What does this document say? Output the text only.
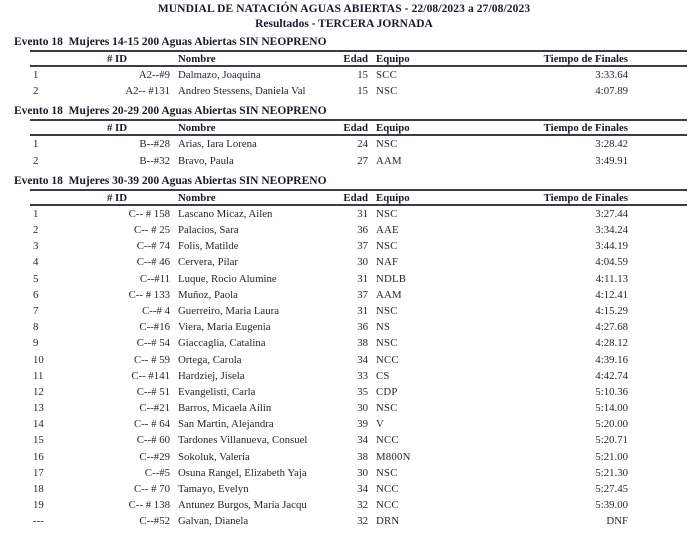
MUNDIAL DE NATACIÓN AGUAS ABIERTAS - 22/08/2023 a 27/08/2023
Resultados - TERCERA JORNADA
Evento 18  Mujeres 14-15 200 Aguas Abiertas SIN NEOPRENO
# ID	Nombre	Edad Equipo	Tiempo de Finales
1	A2--#9 Dalmazo, Joaquina	15 SCC	3:33.64
2	A2-- #131 Andreo Stessens, Daniela Val	15 NSC	4:07.89
Evento 18  Mujeres 20-29 200 Aguas Abiertas SIN NEOPRENO
# ID	Nombre	Edad Equipo	Tiempo de Finales
1	B--#28 Arias, Iara Lorena	24 NSC	3:28.42
2	B--#32 Bravo, Paula	27 AAM	3:49.91
Evento 18  Mujeres 30-39 200 Aguas Abiertas SIN NEOPRENO
# ID	Nombre	Edad Equipo	Tiempo de Finales
1	C-- # 158 Lascano Micaz, Ailen	31 NSC	3:27.44
2	C-- # 25 Palacios, Sara	36 AAE	3:34.24
3	C--# 74 Folis, Matilde	37 NSC	3:44.19
4	C--# 46 Cervera, Pilar	30 NAF	4:04.59
5	C--#11 Luque, Rocio Alumine	31 NDLB	4:11.13
6	C-- # 133 Muñoz, Paola	37 AAM	4:12.41
7	C--# 4 Guerreiro, Maria Laura	31 NSC	4:15.29
8	C--#16 Viera, Maria Eugenia	36 NS	4:27.68
9	C--# 54 Giaccaglia, Catalina	38 NSC	4:28.12
10	C-- # 59 Ortega, Carola	34 NCC	4:39.16
11	C-- #141 Hardziej, Jisela	33 CS	4:42.74
12	C--# 51 Evangelisti, Carla	35 CDP	5:10.36
13	C--#21 Barros, Micaela Ailin	30 NSC	5:14.00
14	C-- # 64 San Martin, Alejandra	39 V	5:20.00
15	C--# 60 Tardones Villanueva, Consuel	34 NCC	5:20.71
16	C--#29 Sokoluk, Valeria	38 M800N	5:21.00
17	C--#5 Osuna Rangel, Elizabeth Yaja	30 NSC	5:21.30
18	C-- # 70 Tamayo, Evelyn	34 NCC	5:27.45
19	C-- # 138 Antunez Burgos, Maria Jacqu	32 NCC	5:39.00
---	C--#52 Galvan, Dianela	32 DRN	DNF
